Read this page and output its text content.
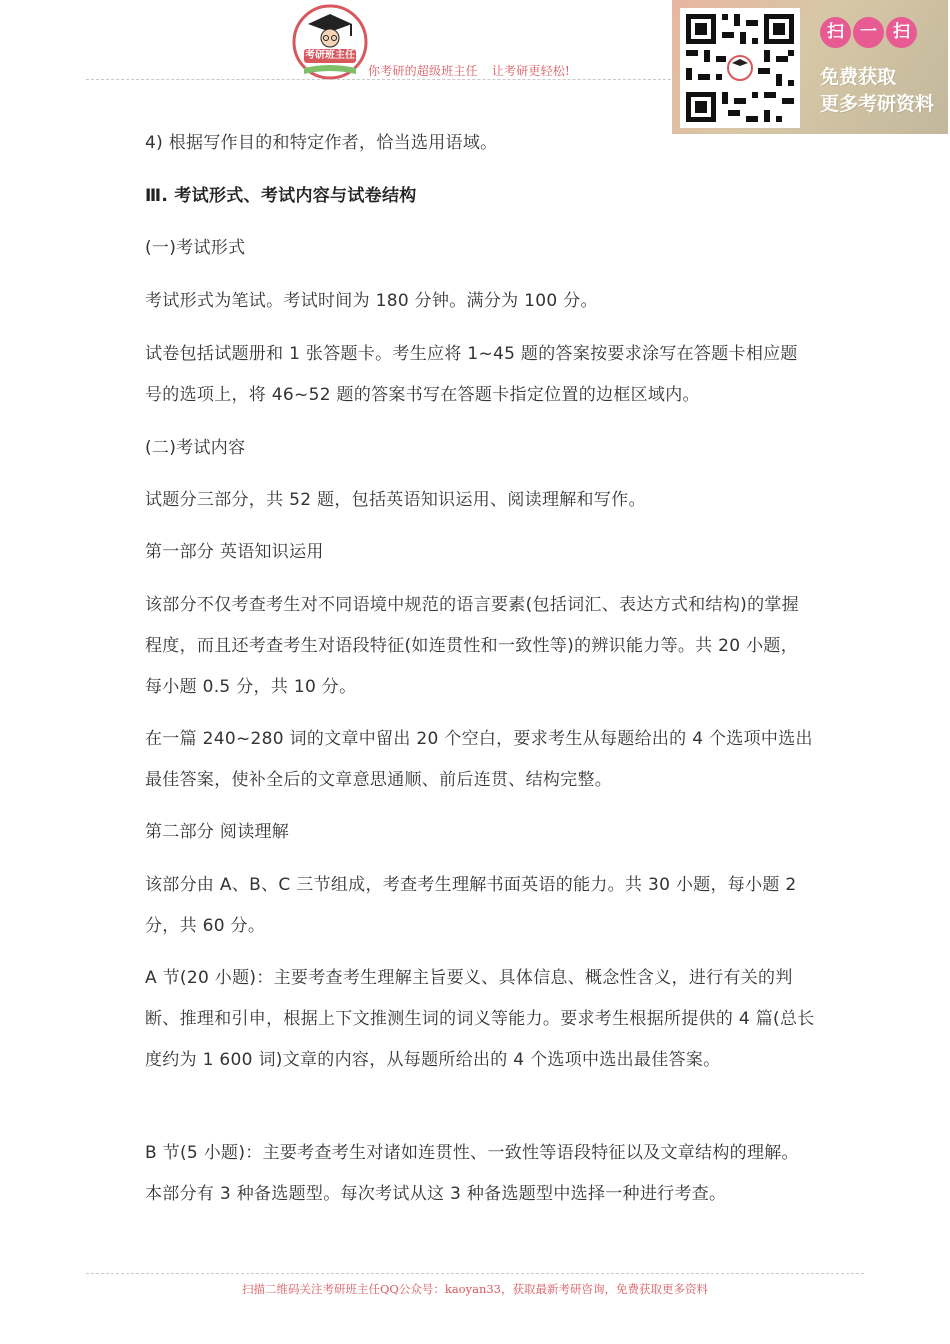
考研班主任
你考研的超级班主任 让考研更轻松!
扫 一 扫
免费获取
更多考研资料
4) 根据写作目的和特定作者，恰当选用语域。
Ⅲ. 考试形式、考试内容与试卷结构
(一)考试形式
考试形式为笔试。考试时间为 180 分钟。满分为 100 分。
试卷包括试题册和 1 张答题卡。考生应将 1~45 题的答案按要求涂写在答题卡相应题号的选项上，将 46~52 题的答案书写在答题卡指定位置的边框区域内。
(二)考试内容
试题分三部分，共 52 题，包括英语知识运用、阅读理解和写作。
第一部分 英语知识运用
该部分不仅考查考生对不同语境中规范的语言要素(包括词汇、表达方式和结构)的掌握程度，而且还考查考生对语段特征(如连贯性和一致性等)的辨识能力等。共 20 小题，每小题 0.5 分，共 10 分。
在一篇 240~280 词的文章中留出 20 个空白，要求考生从每题给出的 4 个选项中选出最佳答案，使补全后的文章意思通顺、前后连贯、结构完整。
第二部分 阅读理解
该部分由 A、B、C 三节组成，考查考生理解书面英语的能力。共 30 小题，每小题 2 分，共 60 分。
A 节(20 小题)：主要考查考生理解主旨要义、具体信息、概念性含义，进行有关的判断、推理和引申，根据上下文推测生词的词义等能力。要求考生根据所提供的 4 篇(总长度约为 1 600 词)文章的内容，从每题所给出的 4 个选项中选出最佳答案。
B 节(5 小题)：主要考查考生对诸如连贯性、一致性等语段特征以及文章结构的理解。本部分有 3 种备选题型。每次考试从这 3 种备选题型中选择一种进行考查。
扫描二维码关注考研班主任QQ公众号：kaoyan33，获取最新考研咨询，免费获取更多资料
